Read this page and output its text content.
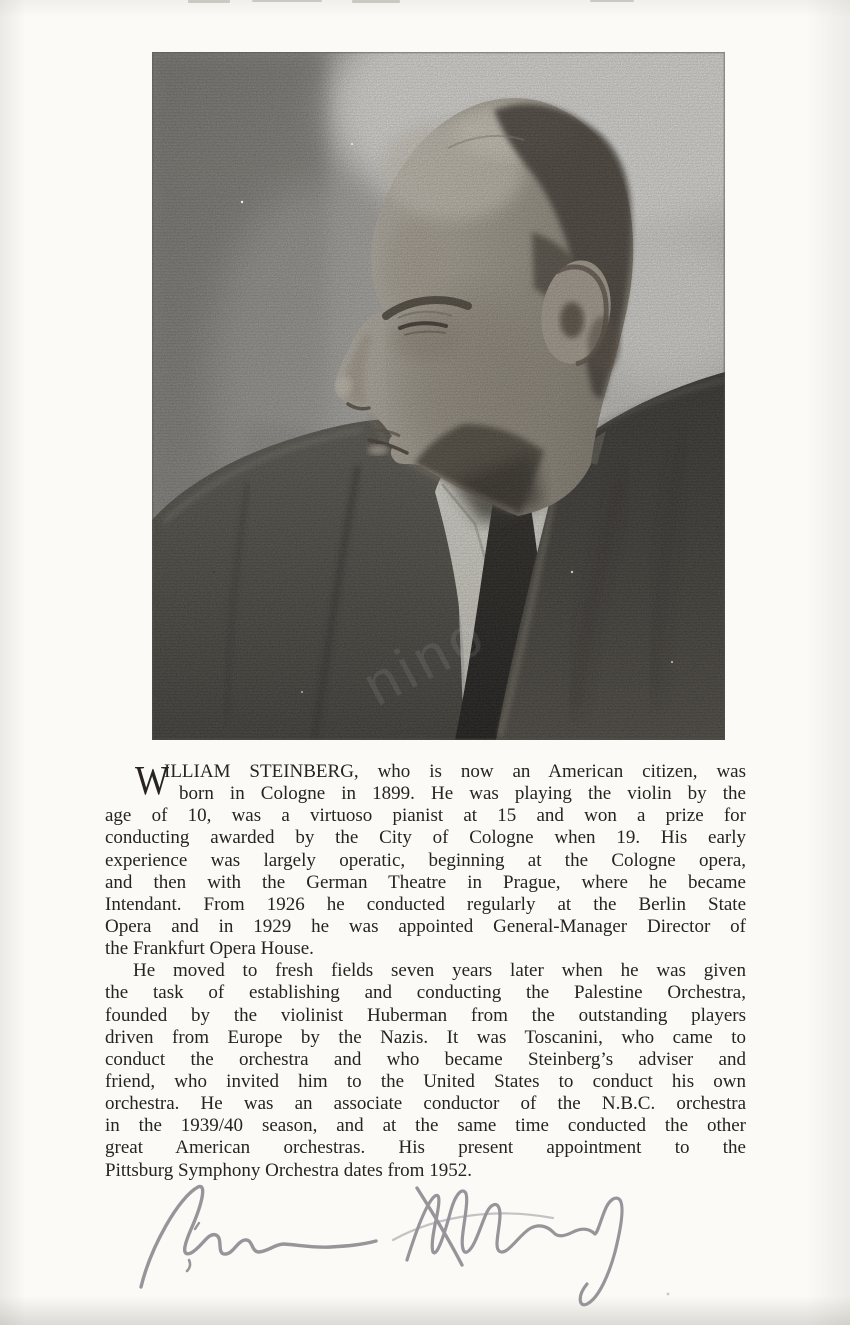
W
ILLIAM STEINBERG, who is now an American citizen, was
born in Cologne in 1899. He was playing the violin by the
age of 10, was a virtuoso pianist at 15 and won a prize for
conducting awarded by the City of Cologne when 19. His early
experience was largely operatic, beginning at the Cologne opera,
and then with the German Theatre in Prague, where he became
Intendant. From 1926 he conducted regularly at the Berlin State
Opera and in 1929 he was appointed General-Manager Director of
the Frankfurt Opera House.
He moved to fresh fields seven years later when he was given
the task of establishing and conducting the Palestine Orchestra,
founded by the violinist Huberman from the outstanding players
driven from Europe by the Nazis. It was Toscanini, who came to
conduct the orchestra and who became Steinberg’s adviser and
friend, who invited him to the United States to conduct his own
orchestra. He was an associate conductor of the N.B.C. orchestra
in the 1939/40 season, and at the same time conducted the other
great American orchestras. His present appointment to the
Pittsburg Symphony Orchestra dates from 1952.
